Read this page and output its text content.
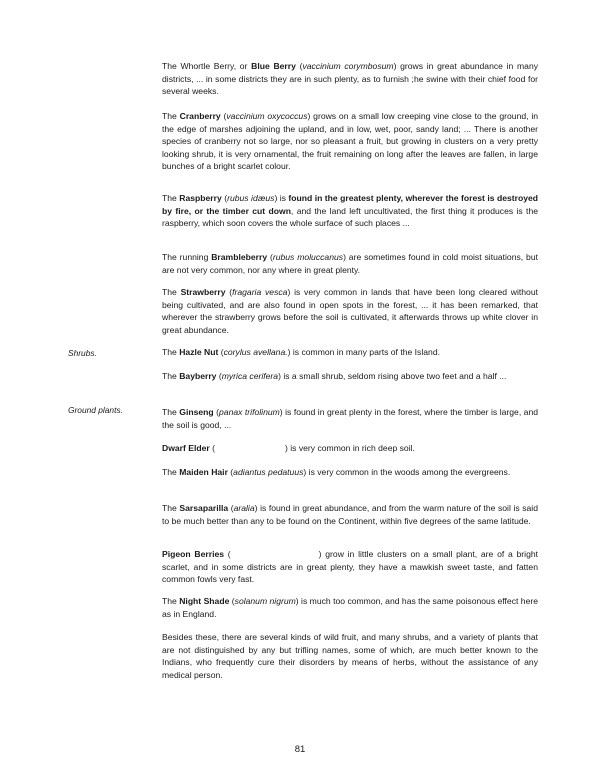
The Whortle Berry, or Blue Berry (vaccinium corymbosum) grows in great abundance in many districts, ... in some districts they are in such plenty, as to furnish ;he swine with their chief food for several weeks.

The Cranberry (vaccinium oxycoccus) grows on a small low creeping vine close to the ground, in the edge of marshes adjoining the upland, and in low, wet, poor, sandy land; ... There is another species of cranberry not so large, nor so pleasant a fruit, but growing in clusters on a very pretty looking shrub, it is very ornamental, the fruit remaining on long after the leaves are fallen, in large bunches of a bright scarlet colour.

The Raspberry (rubus idæus) is found in the greatest plenty, wherever the forest is destroyed by fire, or the timber cut down, and the land left uncultivated, the first thing it produces is the raspberry, which soon covers the whole surface of such places ...

The running Brambleberry (rubus moluccanus) are sometimes found in cold moist situations, but are not very common, nor any where in great plenty.

The Strawberry (fragaria vesca) is very common in lands that have been long cleared without being cultivated, and are also found in open spots in the forest, ... it has been remarked, that wherever the strawberry grows before the soil is cultivated, it afterwards throws up white clover in great abundance.

Shrubs.	The Hazle Nut (corylus avellana.) is common in many parts of the Island.

The Bayberry (myrica cerifera) is a small shrub, seldom rising above two feet and a half ...

Ground plants.	The Ginseng (panax trifolinum) is found in great plenty in the forest, where the timber is large, and the soil is good, ...

Dwarf Elder (	) is very common in rich deep soil.

The Maiden Hair (adiantus pedatuus) is very common in the woods among the evergreens.

The Sarsaparilla (aralia) is found in great abundance, and from the warm nature of the soil is said to be much better than any to be found on the Continent, within five degrees of the same latitude.

Pigeon Berries (	) grow in little clusters on a small plant, are of a bright scarlet, and in some districts are in great plenty, they have a mawkish sweet taste, and fatten common fowls very fast.

The Night Shade (solanum nigrum) is much too common, and has the same poisonous effect here as in England.

Besides these, there are several kinds of wild fruit, and many shrubs, and a variety of plants that are not distinguished by any but trifling names, some of which, are much better known to the Indians, who frequently cure their disorders by means of herbs, without the assistance of any medical person.

81
